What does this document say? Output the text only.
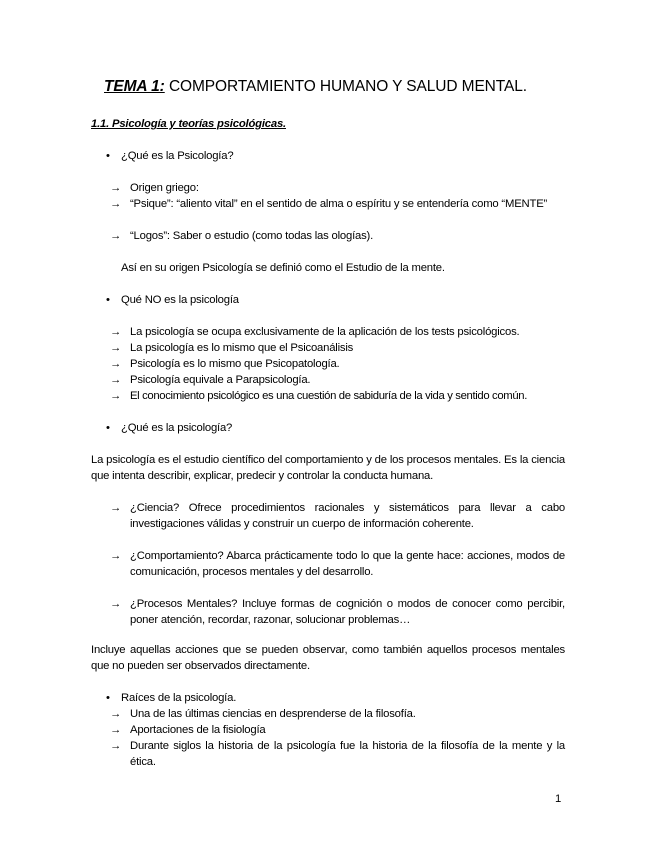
TEMA 1: COMPORTAMIENTO HUMANO Y SALUD MENTAL.
1.1. Psicología y teorías psicológicas.
•
¿Qué es la Psicología?
→ Origen griego:
→ “Psique”: “aliento vital” en el sentido de alma o espíritu y se entendería como “MENTE”
→ “Logos”: Saber o estudio (como todas las ologías).
Así en su origen Psicología se definió como el Estudio de la mente.
•
Qué NO es la psicología
→ La psicología se ocupa exclusivamente de la aplicación de los tests psicológicos.
→ La psicología es lo mismo que el Psicoanálisis
→ Psicología es lo mismo que Psicopatología.
→ Psicología equivale a Parapsicología.
→ El conocimiento psicológico es una cuestión de sabiduría de la vida y sentido común.
•
¿Qué es la psicología?
La psicología es el estudio científico del comportamiento y de los procesos mentales. Es la ciencia que intenta describir, explicar, predecir y controlar la conducta humana.
→ ¿Ciencia? Ofrece procedimientos racionales y sistemáticos para llevar a cabo investigaciones válidas y construir un cuerpo de información coherente.
→ ¿Comportamiento? Abarca prácticamente todo lo que la gente hace: acciones, modos de comunicación, procesos mentales y del desarrollo.
→ ¿Procesos Mentales? Incluye formas de cognición o modos de conocer como percibir, poner atención, recordar, razonar, solucionar problemas…
Incluye aquellas acciones que se pueden observar, como también aquellos procesos mentales que no pueden ser observados directamente.
•
Raíces de la psicología.
→ Una de las últimas ciencias en desprenderse de la filosofía.
→ Aportaciones de la fisiología
→ Durante siglos la historia de la psicología fue la historia de la filosofía de la mente y la ética.
1
